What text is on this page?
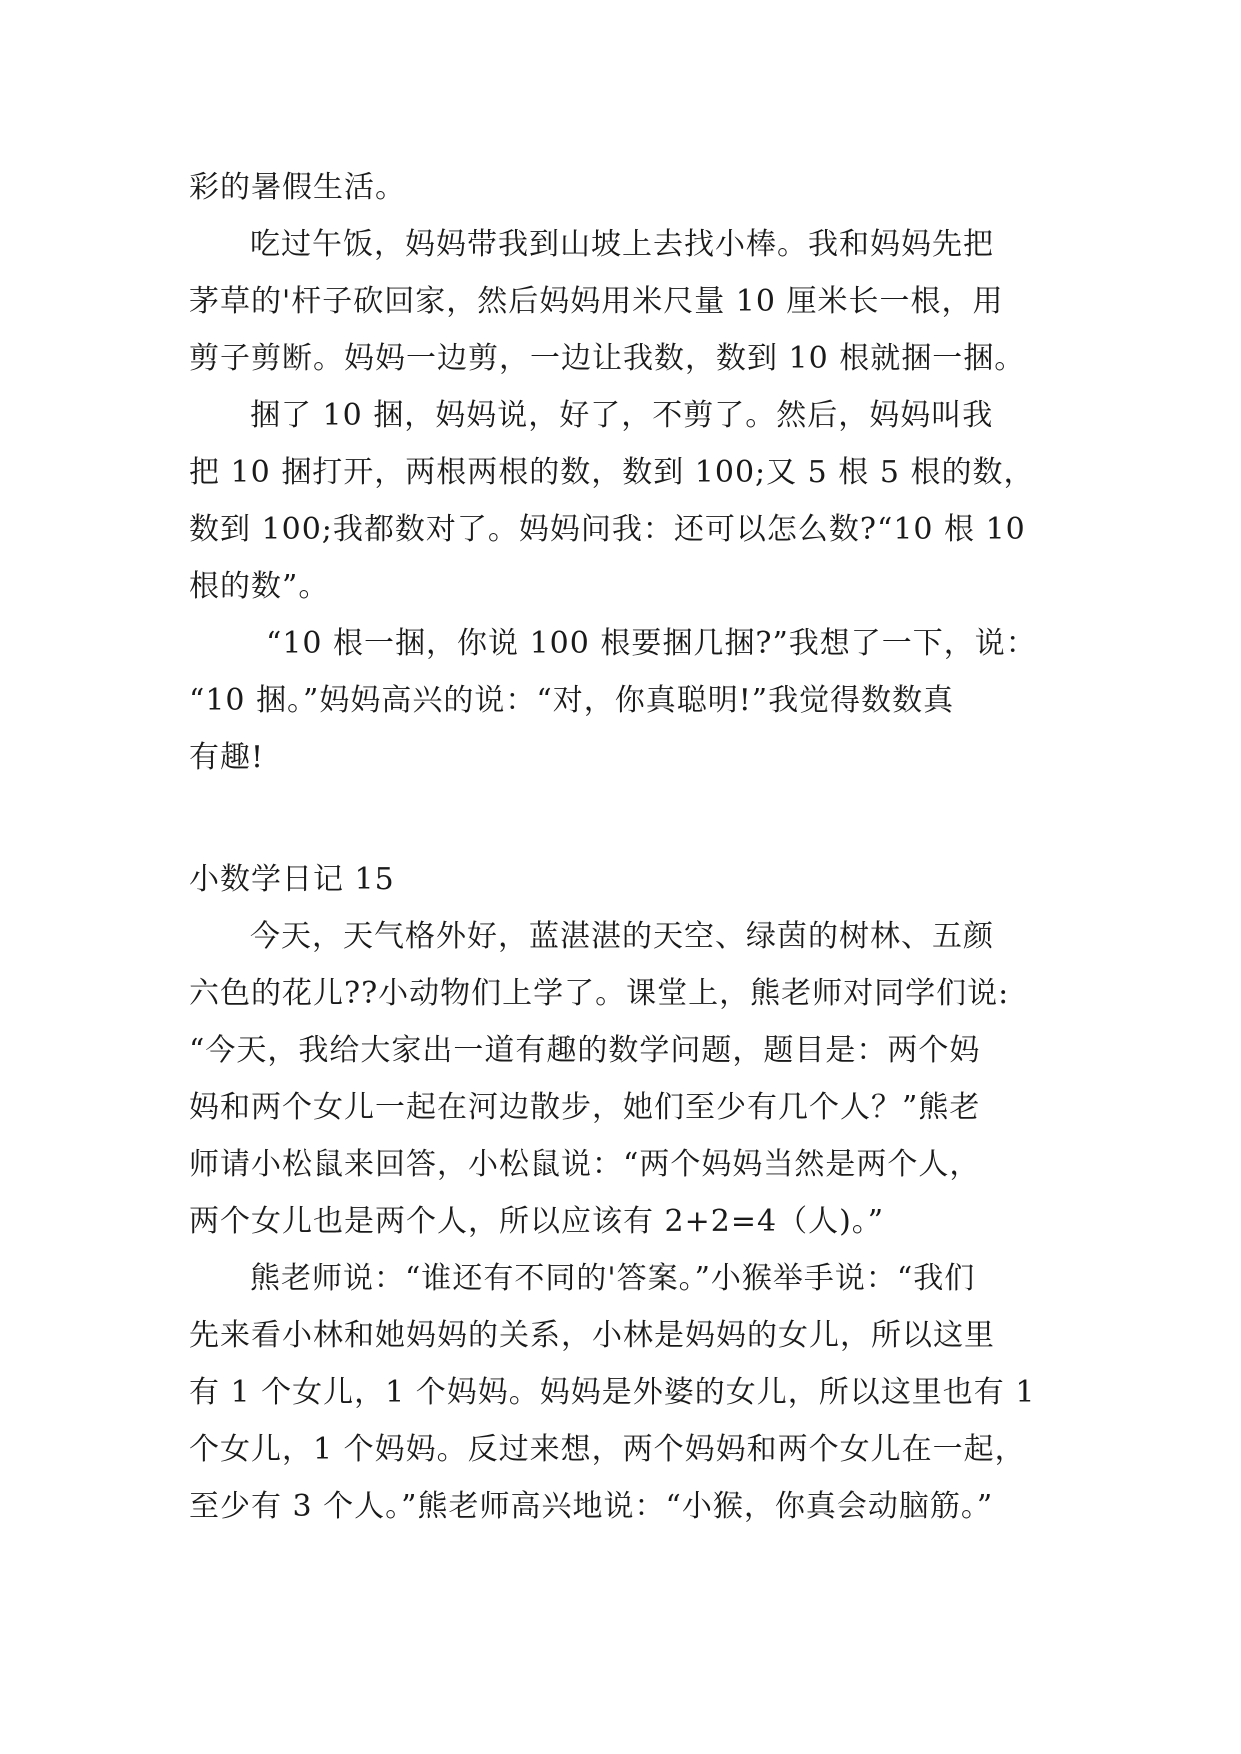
彩的暑假生活。
吃过午饭，妈妈带我到山坡上去找小棒。我和妈妈先把
茅草的'杆子砍回家，然后妈妈用米尺量 10 厘米长一根，用
剪子剪断。妈妈一边剪，一边让我数，数到 10 根就捆一捆。
捆了 10 捆，妈妈说，好了，不剪了。然后，妈妈叫我
把 10 捆打开，两根两根的数，数到 100;又 5 根 5 根的数，
数到 100;我都数对了。妈妈问我：还可以怎么数?“10 根 10
根的数”。
“10 根一捆，你说 100 根要捆几捆?”我想了一下，说：
“10 捆。”妈妈高兴的说：“对，你真聪明!”我觉得数数真
有趣!
小数学日记 15
今天，天气格外好，蓝湛湛的天空、绿茵的树林、五颜
六色的花儿??小动物们上学了。课堂上，熊老师对同学们说:
“今天，我给大家出一道有趣的数学问题，题目是：两个妈
妈和两个女儿一起在河边散步，她们至少有几个人？”熊老
师请小松鼠来回答，小松鼠说：“两个妈妈当然是两个人，
两个女儿也是两个人，所以应该有 2+2=4（人)。”
熊老师说：“谁还有不同的'答案。”小猴举手说：“我们
先来看小林和她妈妈的关系，小林是妈妈的女儿，所以这里
有 1 个女儿，1 个妈妈。妈妈是外婆的女儿，所以这里也有 1
个女儿，1 个妈妈。反过来想，两个妈妈和两个女儿在一起，
至少有 3 个人。”熊老师高兴地说：“小猴，你真会动脑筋。”
